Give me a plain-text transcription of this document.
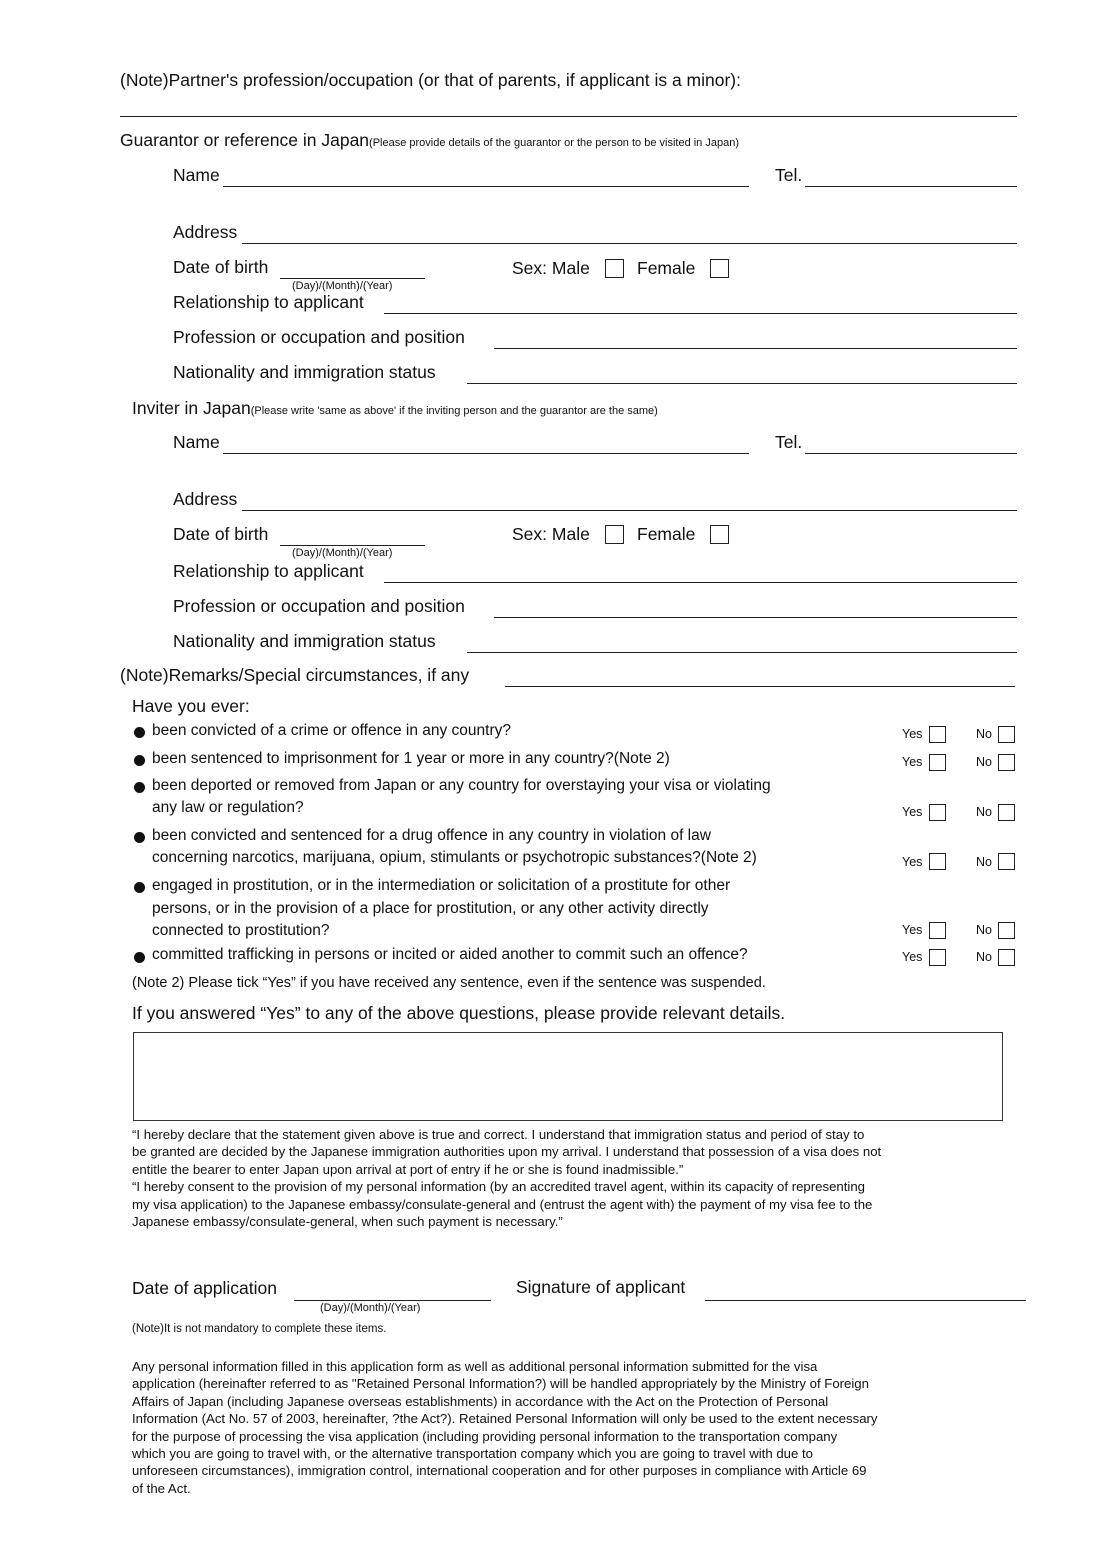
(Note)Partner's profession/occupation (or that of parents, if applicant is a minor):
Guarantor or reference in Japan(Please provide details of the guarantor or the person to be visited in Japan)
Name	Tel.
Address
Date of birth
(Day)/(Month)/(Year)
Sex: Male	Female
Relationship to applicant
Profession or occupation and position
Nationality and immigration status
Inviter in Japan(Please write 'same as above' if the inviting person and the guarantor are the same)
Name	Tel.
Address
Date of birth
(Day)/(Month)/(Year)
Sex: Male	Female
Relationship to applicant
Profession or occupation and position
Nationality and immigration status
(Note)Remarks/Special circumstances, if any
Have you ever:
been convicted of a crime or offence in any country?	Yes	No
been sentenced to imprisonment for 1 year or more in any country?(Note 2)	Yes	No
been deported or removed from Japan or any country for overstaying your visa or violating
any law or regulation?	Yes	No
been convicted and sentenced for a drug offence in any country in violation of law
concerning narcotics, marijuana, opium, stimulants or psychotropic substances?(Note 2)	Yes	No
engaged in prostitution, or in the intermediation or solicitation of a prostitute for other
persons, or in the provision of a place for prostitution, or any other activity directly
connected to prostitution?	Yes	No
committed trafficking in persons or incited or aided another to commit such an offence?	Yes	No
(Note 2) Please tick “Yes” if you have received any sentence, even if the sentence was suspended.
If you answered “Yes” to any of the above questions, please provide relevant details.
“I hereby declare that the statement given above is true and correct. I understand that immigration status and period of stay to
be granted are decided by the Japanese immigration authorities upon my arrival. I understand that possession of a visa does not
entitle the bearer to enter Japan upon arrival at port of entry if he or she is found inadmissible.”
“I hereby consent to the provision of my personal information (by an accredited travel agent, within its capacity of representing
my visa application) to the Japanese embassy/consulate-general and (entrust the agent with) the payment of my visa fee to the
Japanese embassy/consulate-general, when such payment is necessary.”
Date of application
(Day)/(Month)/(Year)
Signature of applicant
(Note)It is not mandatory to complete these items.
Any personal information filled in this application form as well as additional personal information submitted for the visa
application (hereinafter referred to as "Retained Personal Information?) will be handled appropriately by the Ministry of Foreign
Affairs of Japan (including Japanese overseas establishments) in accordance with the Act on the Protection of Personal
Information (Act No. 57 of 2003, hereinafter, ?the Act?). Retained Personal Information will only be used to the extent necessary
for the purpose of processing the visa application (including providing personal information to the transportation company
which you are going to travel with, or the alternative transportation company which you are going to travel with due to
unforeseen circumstances), immigration control, international cooperation and for other purposes in compliance with Article 69
of the Act.
